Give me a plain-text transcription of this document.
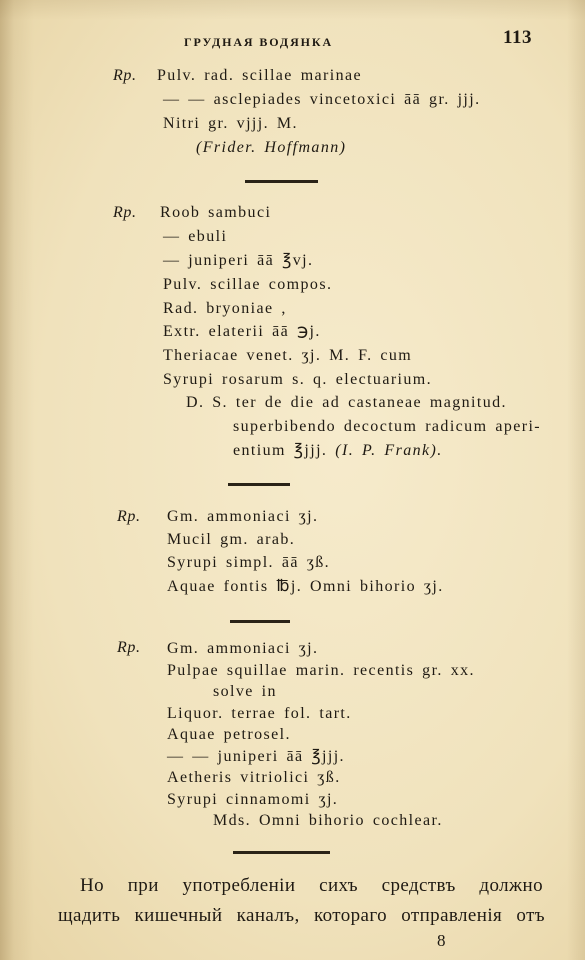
ГРУДНАЯ ВОДЯНКА	113
Rp. Pulv. rad. scillae marinae
— — asclepiades vincetoxici āā gr. jjj.
Nitri gr. vjjj. M.
(Frider. Hoffmann)
Rp. Roob sambuci
— ebuli
— juniperi āā ℥vj.
Pulv. scillae compos.
Rad. bryoniae ,
Extr. elaterii āā ℈j.
Theriacae venet. ʒj. M. F. cum
Syrupi rosarum s. q. electuarium.
D. S. ter de die ad castaneae magnitud.
superbibendo decoctum radicum aperi-
entium ℥jjj. (I. P. Frank).
Rp. Gm. ammoniaci ʒj.
Mucil gm. arab.
Syrupi simpl. āā ʒß.
Aquae fontis ℔j. Omni bihorio ʒj.
Rp. Gm. ammoniaci ʒj.
Pulpae squillae marin. recentis gr. xx.
solve in
Liquor. terrae fol. tart.
Aquae petrosel.
— — juniperi āā ℥jjj.
Aetheris vitriolici ʒß.
Syrupi cinnamomi ʒj.
Mds. Omni bihorio cochlear.
Но при употребленіи сихъ средствъ должно
щадить кишечный каналъ, котораго отправленія отъ
8
